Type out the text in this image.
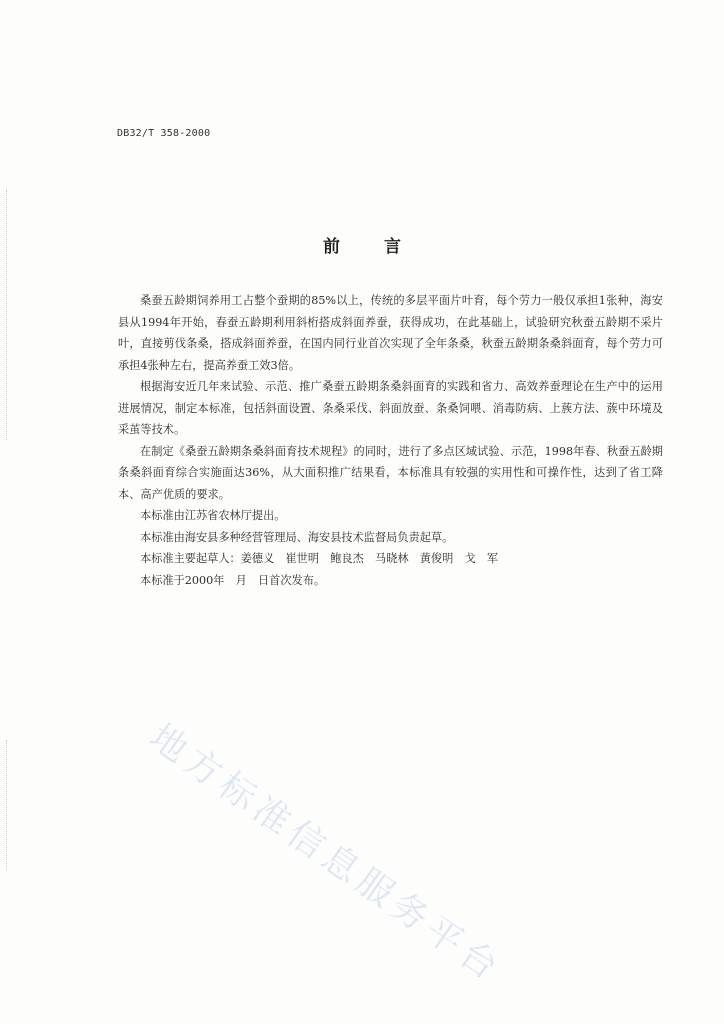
DB32/T 358-2000
前言

桑蚕五龄期饲养用工占整个蚕期的85%以上，传统的多层平面片叶育，每个劳力一般仅承担1张种，海安县从1994年开始，春蚕五龄期利用斜桁搭成斜面养蚕，获得成功，在此基础上，试验研究秋蚕五龄期不采片叶，直接剪伐条桑，搭成斜面养蚕，在国内同行业首次实现了全年条桑，秋蚕五龄期条桑斜面育，每个劳力可承担4张种左右，提高养蚕工效3倍。

根据海安近几年来试验、示范、推广桑蚕五龄期条桑斜面育的实践和省力、高效养蚕理论在生产中的运用进展情况，制定本标准，包括斜面设置、条桑采伐、斜面放蚕、条桑饲喂、消毒防病、上蔟方法、蔟中环境及采茧等技术。

在制定《桑蚕五龄期条桑斜面育技术规程》的同时，进行了多点区域试验、示范，1998年春、秋蚕五龄期条桑斜面育综合实施面达36%，从大面积推广结果看，本标准具有较强的实用性和可操作性，达到了省工降本、高产优质的要求。

本标准由江苏省农林厅提出。

本标准由海安县多种经营管理局、海安县技术监督局负责起草。

本标准主要起草人：姜德义　崔世明　鲍良杰　马晓林　黄俊明　戈　军

本标准于2000年　月　日首次发布。

地方标准信息服务平台
